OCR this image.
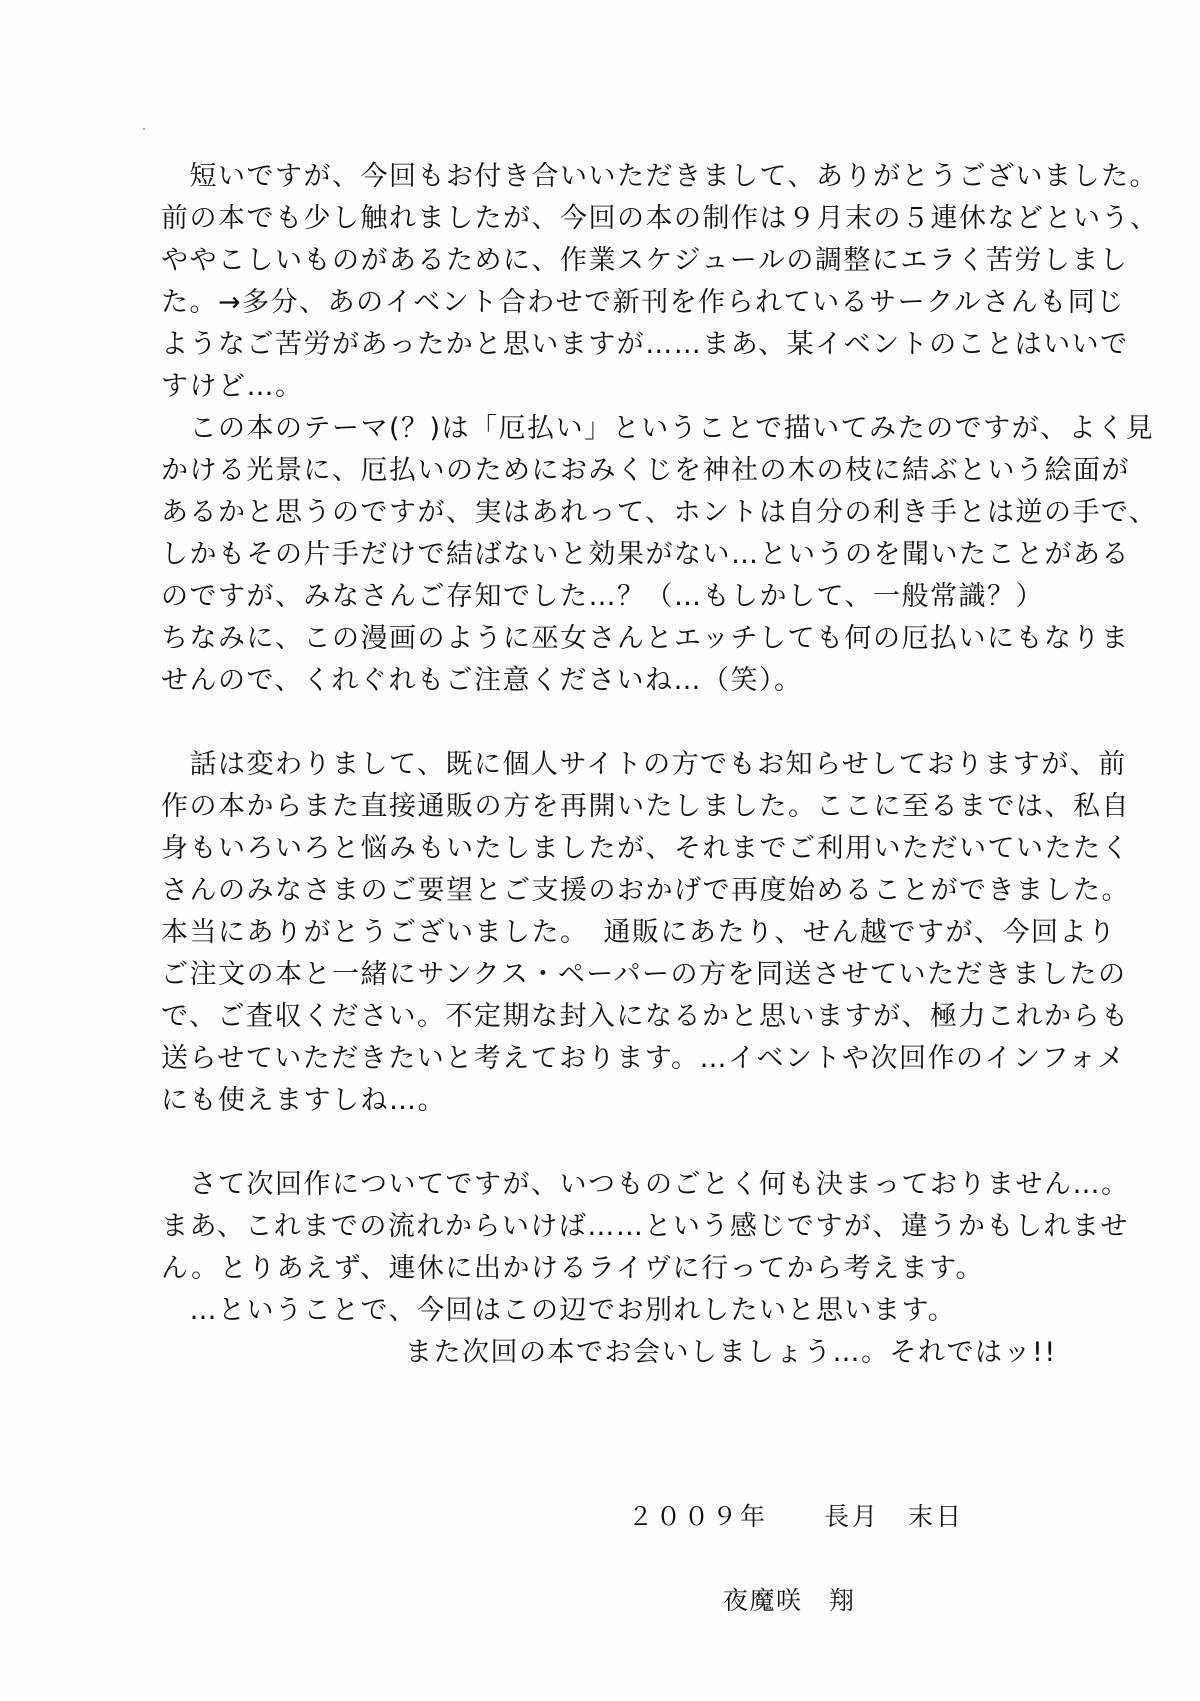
　短いですが、今回もお付き合いいただきまして、ありがとうございました。
前の本でも少し触れましたが、今回の本の制作は９月末の５連休などという、
ややこしいものがあるために、作業スケジュールの調整にエラく苦労しまし
た。→多分、あのイベント合わせで新刊を作られているサークルさんも同じ
ようなご苦労があったかと思いますが……まあ、某イベントのことはいいで
すけど…。
　この本のテーマ(？)は「厄払い」ということで描いてみたのですが、よく見
かける光景に、厄払いのためにおみくじを神社の木の枝に結ぶという絵面が
あるかと思うのですが、実はあれって、ホントは自分の利き手とは逆の手で、
しかもその片手だけで結ばないと効果がない…というのを聞いたことがある
のですが、みなさんご存知でした…？（…もしかして、一般常識？）
ちなみに、この漫画のように巫女さんとエッチしても何の厄払いにもなりま
せんので、くれぐれもご注意くださいね…（笑）。
　話は変わりまして、既に個人サイトの方でもお知らせしておりますが、前
作の本からまた直接通販の方を再開いたしました。ここに至るまでは、私自
身もいろいろと悩みもいたしましたが、それまでご利用いただいていたたく
さんのみなさまのご要望とご支援のおかげで再度始めることができました。
本当にありがとうございました。　通販にあたり、せん越ですが、今回より
ご注文の本と一緒にサンクス・ペーパーの方を同送させていただきましたの
で、ご査収ください。不定期な封入になるかと思いますが、極力これからも
送らせていただきたいと考えております。…イベントや次回作のインフォメ
にも使えますしね…。
　さて次回作についてですが、いつものごとく何も決まっておりません…。
まあ、これまでの流れからいけば……という感じですが、違うかもしれませ
ん。とりあえず、連休に出かけるライヴに行ってから考えます。
　…ということで、今回はこの辺でお別れしたいと思います。
また次回の本でお会いしましょう…。それではッ!!
２００９年　　長月　末日
夜魔咲　翔
